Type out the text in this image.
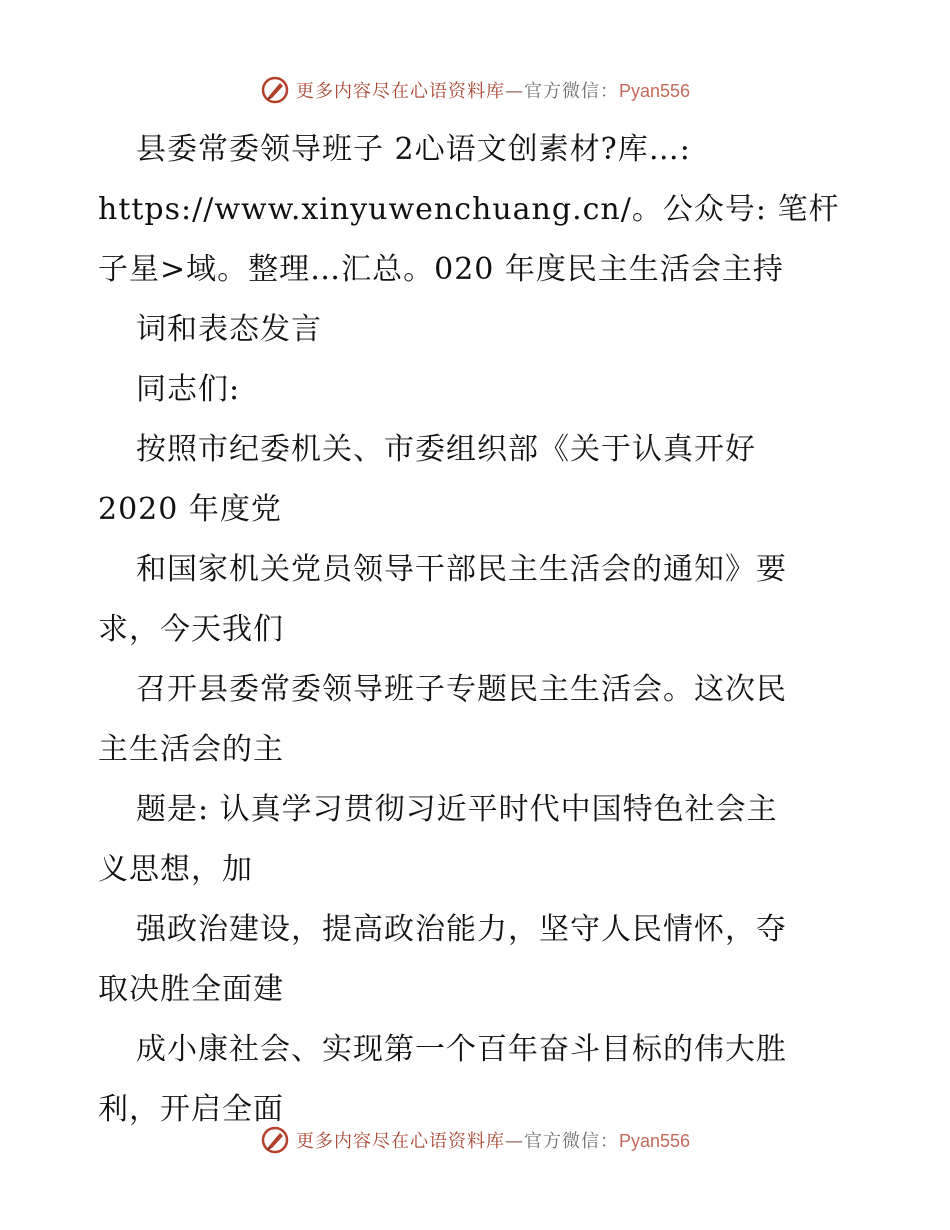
更多内容尽在心语资料库—官方微信：Pyan556
县委常委领导班子 2心语文创素材?库…:
https://www.xinyuwenchuang.cn/。公众号: 笔杆
子星>域。整理…汇总。020 年度民主生活会主持
词和表态发言
同志们:
按照市纪委机关、市委组织部《关于认真开好
2020 年度党
和国家机关党员领导干部民主生活会的通知》要
求，今天我们
召开县委常委领导班子专题民主生活会。这次民
主生活会的主
题是: 认真学习贯彻习近平时代中国特色社会主
义思想，加
强政治建设，提高政治能力，坚守人民情怀，夺
取决胜全面建
成小康社会、实现第一个百年奋斗目标的伟大胜
利，开启全面
更多内容尽在心语资料库—官方微信：Pyan556
